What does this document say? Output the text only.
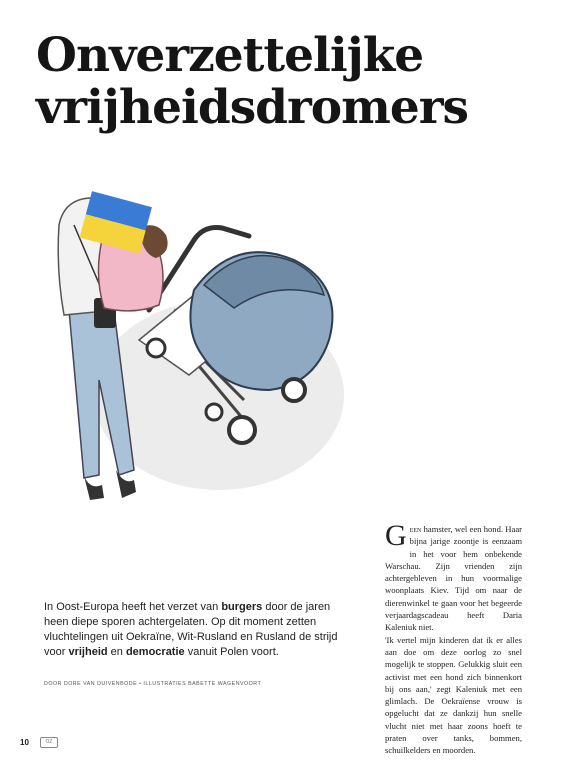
Onverzettelijke
vrijheidsdromers

In Oost-Europa heeft het verzet van burgers door de jaren heen diepe sporen achtergelaten. Op dit moment zetten vluchtelingen uit Oekraïne, Wit-Rusland en Rusland de strijd voor vrijheid en democratie vanuit Polen voort.

DOOR DORE VAN DUIVENBODE • ILLUSTRATIES BABETTE WAGENVOORT

Geen hamster, wel een hond. Haar bijna jarige zoontje is eenzaam in het voor hem onbekende Warschau. Zijn vrienden zijn achtergebleven in hun voormalige woonplaats Kiev. Tijd om naar de dierenwinkel te gaan voor het begeerde verjaardagscadeau heeft Daria Kaleniuk niet.

'Ik vertel mijn kinderen dat ik er alles aan doe om deze oorlog zo snel mogelijk te stoppen. Gelukkig sluit een activist met een hond zich binnenkort bij ons aan,' zegt Kaleniuk met een glimlach. De Oekraïense vrouw is opgelucht dat ze dankzij hun snelle vlucht niet met haar zoons hoeft te praten over tanks, bommen, schuilkelders en moorden.

10	OZ
